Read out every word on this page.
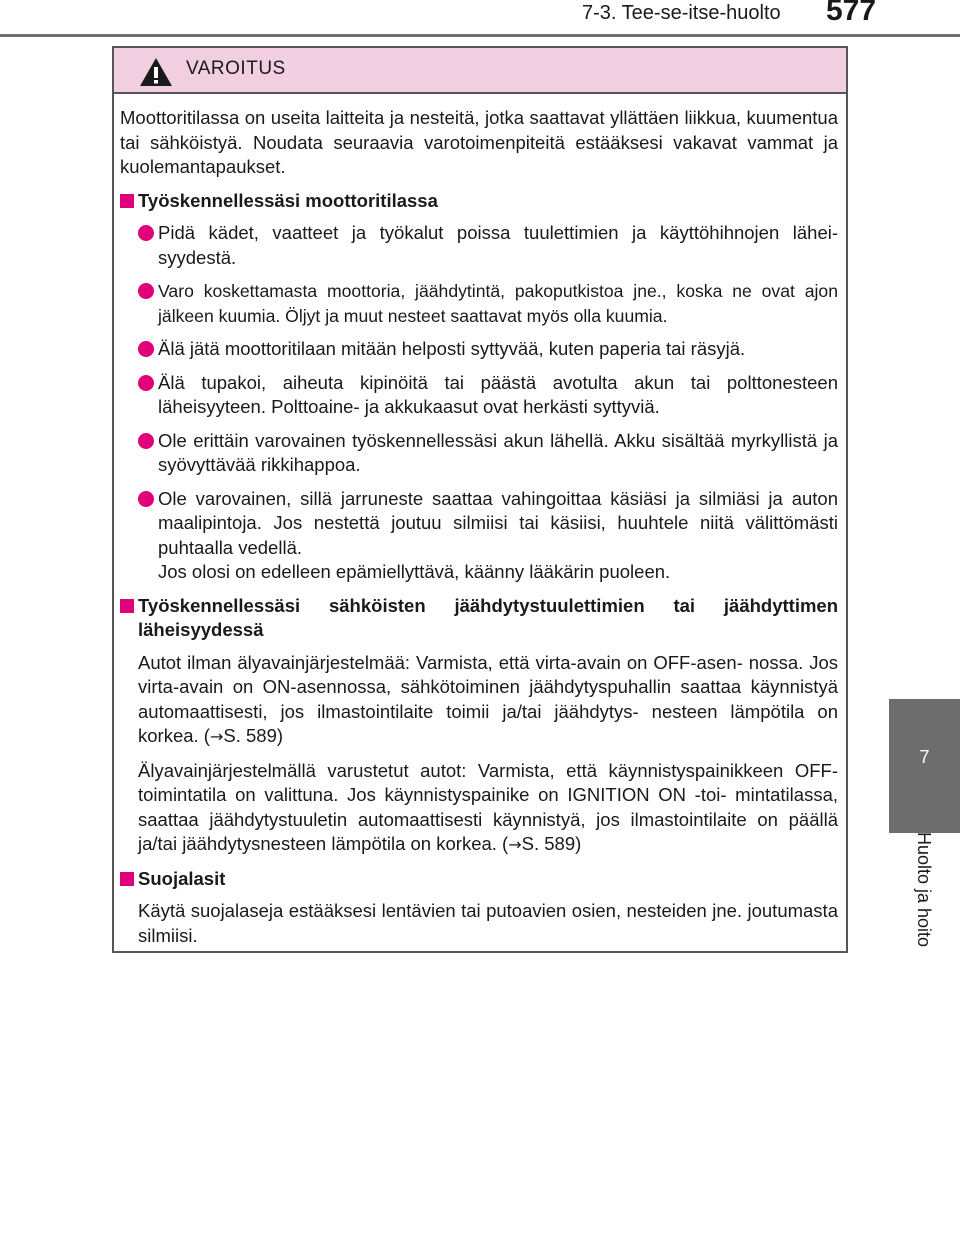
7-3. Tee-se-itse-huolto 577
7
Huolto ja hoito
VAROITUS

Moottoritilassa on useita laitteita ja nesteitä, jotka saattavat yllättäen liikkua, kuumentua tai sähköistyä. Noudata seuraavia varotoimenpiteitä estääksesi vakavat vammat ja kuolemantapaukset.

Työskennellessäsi moottoritilassa
Pidä kädet, vaatteet ja työkalut poissa tuulettimien ja käyttöhihnojen lähei- syydestä.
Varo koskettamasta moottoria, jäähdytintä, pakoputkistoa jne., koska ne ovat ajon jälkeen kuumia. Öljyt ja muut nesteet saattavat myös olla kuumia.
Älä jätä moottoritilaan mitään helposti syttyvää, kuten paperia tai räsyjä.
Älä tupakoi, aiheuta kipinöitä tai päästä avotulta akun tai polttonesteen läheisyyteen. Polttoaine- ja akkukaasut ovat herkästi syttyviä.
Ole erittäin varovainen työskennellessäsi akun lähellä. Akku sisältää myrkyllistä ja syövyttävää rikkihappoa.
Ole varovainen, sillä jarruneste saattaa vahingoittaa käsiäsi ja silmiäsi ja auton maalipintoja. Jos nestettä joutuu silmiisi tai käsiisi, huuhtele niitä välittömästi puhtaalla vedellä.
Jos olosi on edelleen epämiellyttävä, käänny lääkärin puoleen.
Työskennellessäsi sähköisten jäähdytystuulettimien tai jäähdyttimen läheisyydessä

Autot ilman älyavainjärjestelmää: Varmista, että virta-avain on OFF-asen- nossa. Jos virta-avain on ON-asennossa, sähkötoiminen jäähdytyspuhallin saattaa käynnistyä automaattisesti, jos ilmastointilaite toimii ja/tai jäähdytys- nesteen lämpötila on korkea. (→S. 589)

Älyavainjärjestelmällä varustetut autot: Varmista, että käynnistyspainikkeen OFF-toimintatila on valittuna. Jos käynnistyspainike on IGNITION ON -toi- mintatilassa, saattaa jäähdytystuuletin automaattisesti käynnistyä, jos ilmastointilaite on päällä ja/tai jäähdytysnesteen lämpötila on korkea. (→S. 589)

Suojalasit

Käytä suojalaseja estääksesi lentävien tai putoavien osien, nesteiden jne. joutumasta silmiisi.
